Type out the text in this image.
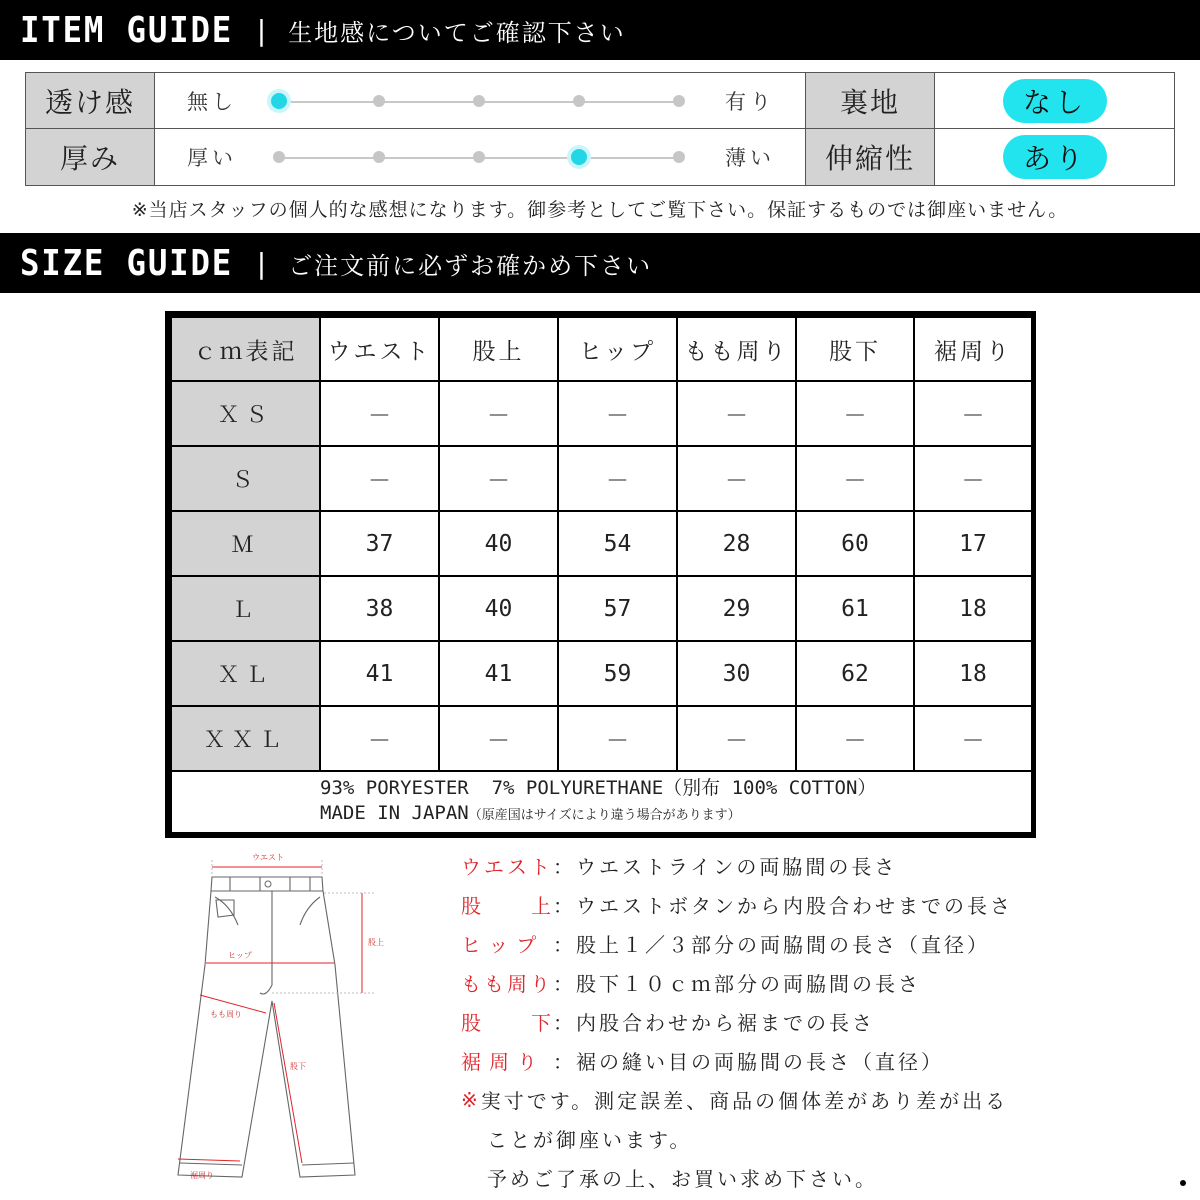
ITEM GUIDE | 生地感についてご確認下さい
透け感	無し	有り	裏地	なし
厚み	厚い	薄い	伸縮性	あり
※当店スタッフの個人的な感想になります。御参考としてご覧下さい。保証するものでは御座いません。
SIZE GUIDE | ご注文前に必ずお確かめ下さい
ｃｍ表記	ウエスト	股上	ヒップ	もも周り	股下	裾周り
ＸＳ	－	－	－	－	－	－
Ｓ	－	－	－	－	－	－
Ｍ	37	40	54	28	60	17
Ｌ	38	40	57	29	61	18
ＸＬ	41	41	59	30	62	18
ＸＸＬ	－	－	－	－	－	－

93% PORYESTER  7% POLYURETHANE（別布 100% COTTON）
MADE IN JAPAN（原産国はサイズにより違う場合があります）						
ウエスト
股上
ヒップ
もも周り
股下
裾周り
ウエスト ：ウエストラインの両脇間の長さ
股　上
：ウエストボタンから内股合わせまでの長さ
ヒップ ：股上１／３部分の両脇間の長さ（直径）
もも周り ：股下１０ｃｍ部分の両脇間の長さ
股　下
：内股合わせから裾までの長さ
裾周り ：裾の縫い目の両脇間の長さ（直径）
※ 実寸です。測定誤差、商品の個体差があり差が出る
ことが御座います。
予めご了承の上、お買い求め下さい。
